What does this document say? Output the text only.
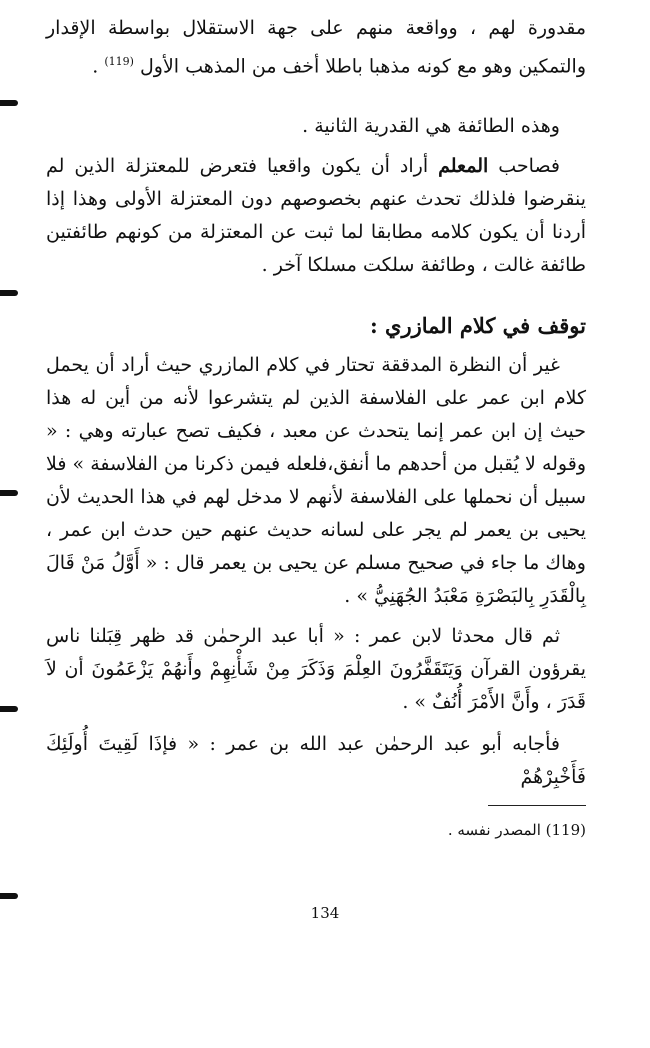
مقدورة لهم ، وواقعة منهم على جهة الاستقلال بواسطة الإقدار والتمكين وهو مع كونه مذهبا باطلا أخف من المذهب الأول $^{(119)}$ .

وهذه الطائفة هي القدرية الثانية .

فصاحب المعلم أراد أن يكون واقعيا فتعرض للمعتزلة الذين لم ينقرضوا فلذلك تحدث عنهم بخصوصهم دون المعتزلة الأولى وهذا إذا أردنا أن يكون كلامه مطابقا لما ثبت عن المعتزلة من كونهم طائفتين طائفة غالت ، وطائفة سلكت مسلكا آخر .

توقف في كلام المازري :

غير أن النظرة المدققة تحتار في كلام المازري حيث أراد أن يحمل كلام ابن عمر على الفلاسفة الذين لم يتشرعوا لأنه من أين له هذا حيث إن ابن عمر إنما يتحدث عن معبد ، فكيف تصح عبارته وهي : « وقوله لا يُقبل من أحدهم ما أنفق،فلعله فيمن ذكرنا من الفلاسفة » فلا سبيل أن نحملها على الفلاسفة لأنهم لا مدخل لهم في هذا الحديث لأن يحيى بن يعمر لم يجر على لسانه حديث عنهم حين حدث ابن عمر ، وهاك ما جاء في صحيح مسلم عن يحيى بن يعمر قال : « أَوَّلُ مَنْ قَالَ بِالْقَدَرِ بِالبَصْرَةِ مَعْبَدُ الجُهَنِيُّ » .

ثم قال محدثا لابن عمر : « أبا عبد الرحمٰن قد ظهر قِبَلنا ناس يقرؤون القرآن وَيَتَقَفَّرُونَ العِلْمَ وَذَكَرَ مِنْ شَأْنِهِمْ وأَنهُمْ يَزْعَمُونَ أن لاَ قَدَرَ ، وأَنَّ الأَمْرَ أُنُفٌ » .

فأجابه أبو عبد الرحمٰن عبد الله بن عمر : « فإذَا لَقِيتَ أُولَئِكَ فَأَخْبِرْهُمْ

(119) المصدر نفسه .
134
